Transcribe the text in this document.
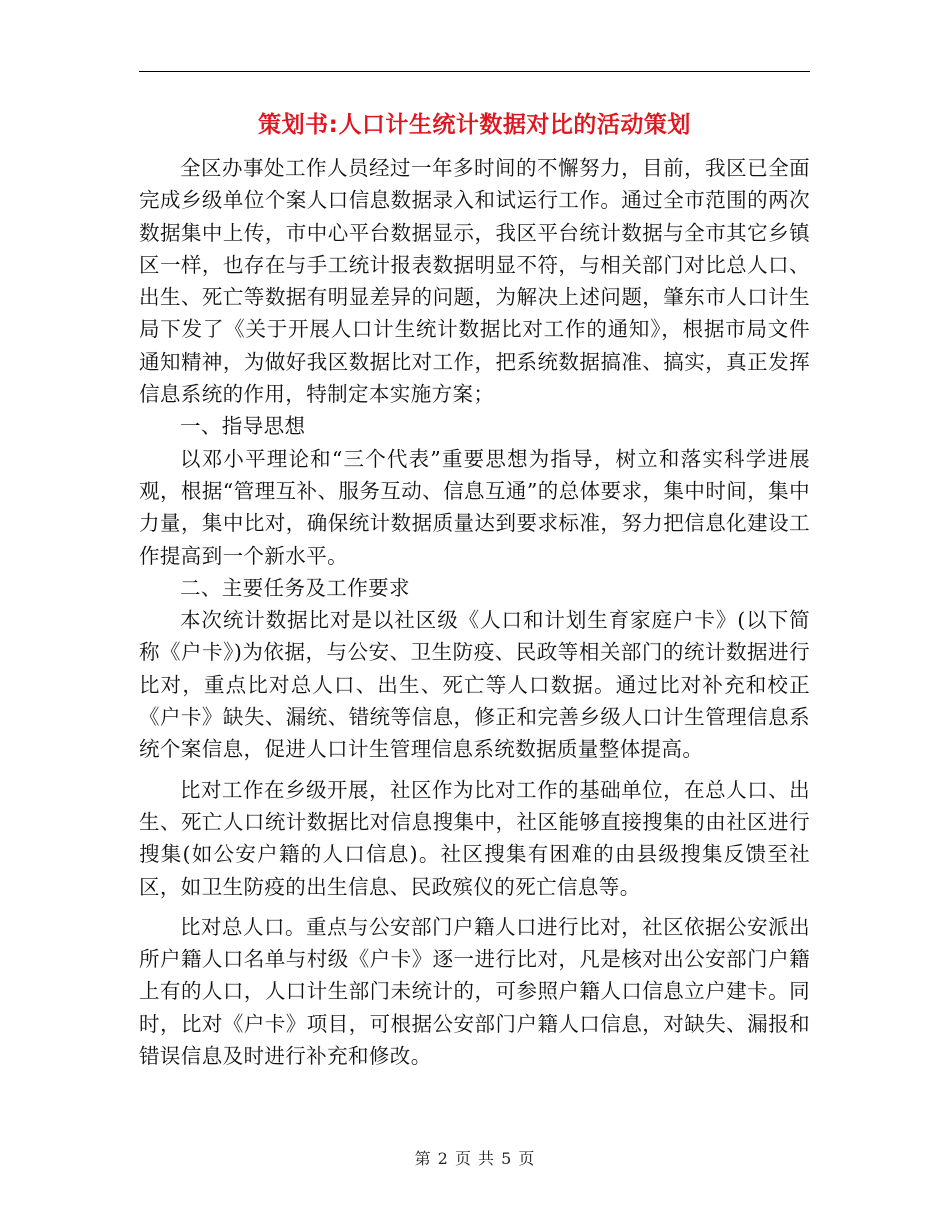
策划书:人口计生统计数据对比的活动策划

全区办事处工作人员经过一年多时间的不懈努力，目前，我区已全面完成乡级单位个案人口信息数据录入和试运行工作。通过全市范围的两次数据集中上传，市中心平台数据显示，我区平台统计数据与全市其它乡镇区一样，也存在与手工统计报表数据明显不符，与相关部门对比总人口、出生、死亡等数据有明显差异的问题，为解决上述问题，肇东市人口计生局下发了《关于开展人口计生统计数据比对工作的通知》，根据市局文件通知精神，为做好我区数据比对工作，把系统数据搞准、搞实，真正发挥信息系统的作用，特制定本实施方案；

一、指导思想

以邓小平理论和“三个代表”重要思想为指导，树立和落实科学进展观，根据“管理互补、服务互动、信息互通”的总体要求，集中时间，集中力量，集中比对，确保统计数据质量达到要求标准，努力把信息化建设工作提高到一个新水平。

二、主要任务及工作要求

本次统计数据比对是以社区级《人口和计划生育家庭户卡》(以下简称《户卡》)为依据，与公安、卫生防疫、民政等相关部门的统计数据进行比对，重点比对总人口、出生、死亡等人口数据。通过比对补充和校正《户卡》缺失、漏统、错统等信息，修正和完善乡级人口计生管理信息系统个案信息，促进人口计生管理信息系统数据质量整体提高。

比对工作在乡级开展，社区作为比对工作的基础单位，在总人口、出生、死亡人口统计数据比对信息搜集中，社区能够直接搜集的由社区进行搜集(如公安户籍的人口信息)。社区搜集有困难的由县级搜集反馈至社区，如卫生防疫的出生信息、民政殡仪的死亡信息等。

比对总人口。重点与公安部门户籍人口进行比对，社区依据公安派出所户籍人口名单与村级《户卡》逐一进行比对，凡是核对出公安部门户籍上有的人口，人口计生部门未统计的，可参照户籍人口信息立户建卡。同时，比对《户卡》项目，可根据公安部门户籍人口信息，对缺失、漏报和错误信息及时进行补充和修改。

第 2 页 共 5 页
